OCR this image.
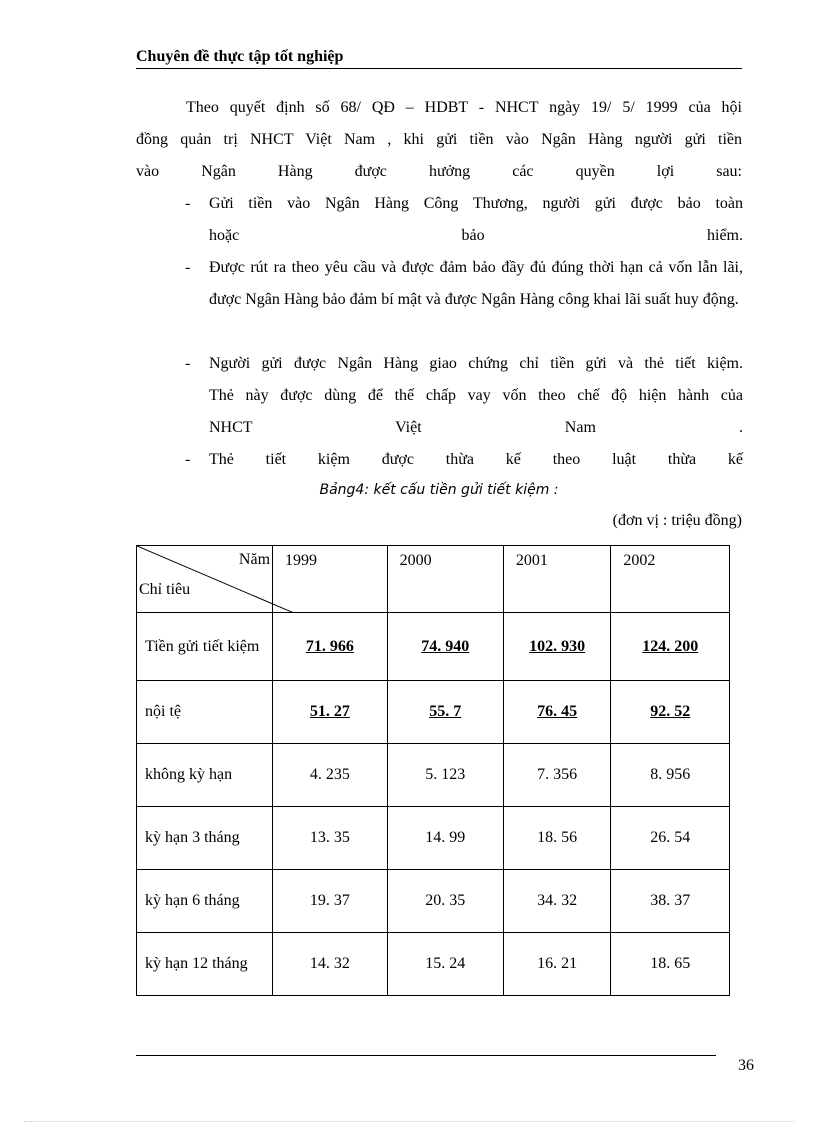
Chuyên đề thực tập tốt nghiệp
Theo quyết định số 68/ QĐ – HDBT - NHCT ngày 19/ 5/ 1999 của hội
đồng quản trị NHCT Việt Nam , khi gửi tiền vào Ngân Hàng người gửi tiền
vào Ngân Hàng được hưởng các quyền lợi sau:
- Gửi tiền vào Ngân Hàng Công Thương, người gửi được bảo toàn
hoặc bảo hiểm.
- Được rút ra theo yêu cầu và được đảm bảo đầy đủ đúng thời hạn cả vốn lẫn lãi, được Ngân Hàng bảo đảm bí mật và được Ngân Hàng công khai lãi suất huy động.
- Người gửi được Ngân Hàng giao chứng chỉ tiền gửi và thẻ tiết kiệm.
Thẻ này được dùng để thế chấp vay vốn theo chế độ hiện hành của
NHCT Việt Nam .
- Thẻ tiết kiệm được thừa kế theo luật thừa kế
Bảng4: kết cấu tiền gửi tiết kiệm :
(đơn vị : triệu đồng)
Năm
Chỉ tiêu	1999	2000	2001	2002
Tiền gửi tiết kiệm	71. 966	74. 940	102. 930	124. 200
nội tệ	51. 27	55. 7	76. 45	92. 52
không kỳ hạn	4. 235	5. 123	7. 356	8. 956
kỳ hạn 3 tháng	13. 35	14. 99	18. 56	26. 54
kỳ hạn 6 tháng	19. 37	20. 35	34. 32	38. 37
kỳ hạn 12 tháng	14. 32	15. 24	16. 21	18. 65
36
